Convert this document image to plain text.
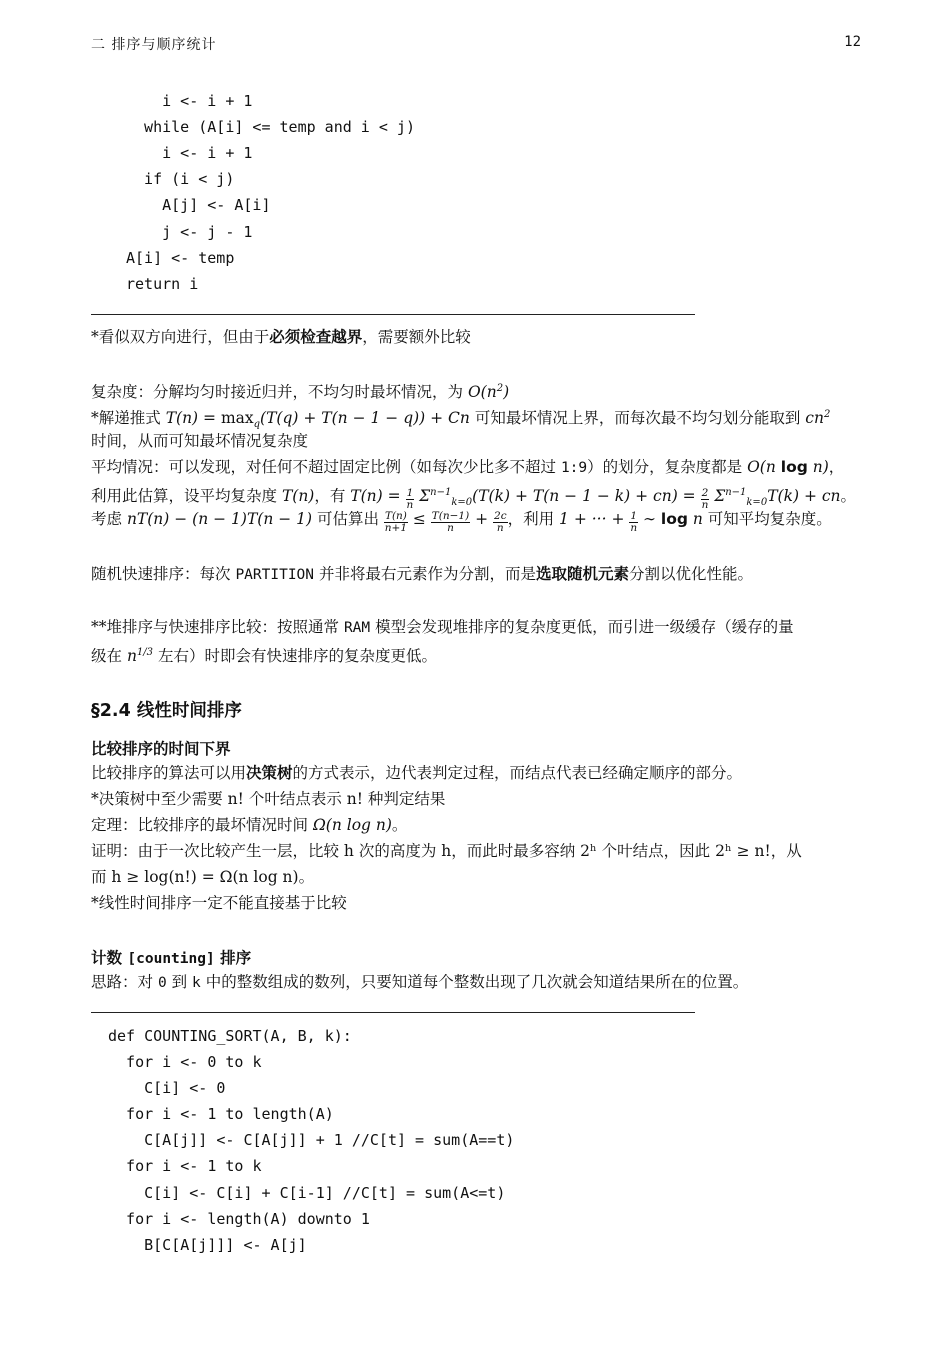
二 排序与顺序统计	12

i <- i + 1

while (A[i] <= temp and i < j)

i <- i + 1

if (i < j)

A[j] <- A[i]

j <- j - 1

A[i] <- temp

return i

*看似双方向进行，但由于必须检查越界，需要额外比较
复杂度：分解均匀时接近归并，不均匀时最坏情况，为 $O(n^2)$
*解递推式 $T(n) = \max_q(T(q) + T(n - 1 - q)) + Cn$ 可知最坏情况上界，而每次最不均匀划分能取到 $cn^2$
时间，从而可知最坏情况复杂度
平均情况：可以发现，对任何不超过固定比例（如每次少比多不超过 1:9）的划分，复杂度都是 O(n log n)，
利用此估算，设平均复杂度 T(n)，有 $T(n) = \frac{1}{n} \Sigma^{n-1}_{k=0}(T(k) + T(n - 1 - k) + cn) = \frac{2}{n} \Sigma^{n-1}_{k=0}T(k)$ + cn。
考虑 nT(n) − (n − 1)T(n − 1) 可估算出 $\frac{T(n)}{n+1} \le \frac{T(n-1)}{n} + \frac{2c}{n}$ ，利用 1 + ··· + $\frac{1}{n}$ ∼ log n 可知平均复杂度。
随机快速排序：每次 PARTITION 并非将最右元素作为分割，而是选取随机元素分割以优化性能。
**堆排序与快速排序比较：按照通常 RAM 模型会发现堆排序的复杂度更低，而引进一级缓存（缓存的量
级在 $n^{1/3}$ 左右）时即会有快速排序的复杂度更低。
§2.4 线性时间排序
比较排序的时间下界
比较排序的算法可以用决策树的方式表示，边代表判定过程，而结点代表已经确定顺序的部分。
*决策树中至少需要 n! 个叶结点表示 n! 种判定结果
定理：比较排序的最坏情况时间 Ω(n log n)。
证明：由于一次比较产生一层，比较 h 次的高度为 h，而此时最多容纳 2ʰ 个叶结点，因此 2ʰ ≥ n!，从
而 h ≥ log(n!) = Ω(n log n)。
*线性时间排序一定不能直接基于比较
计数 [counting] 排序
思路：对 0 到 k 中的整数组成的数列，只要知道每个整数出现了几次就会知道结果所在的位置。

def COUNTING_SORT(A, B, k):

for i <- 0 to k

C[i] <- 0

for i <- 1 to length(A)

C[A[j]] <- C[A[j]] + 1 //C[t] = sum(A==t)

for i <- 1 to k

C[i] <- C[i] + C[i-1] //C[t] = sum(A<=t)

for i <- length(A) downto 1

B[C[A[j]]] <- A[j]
